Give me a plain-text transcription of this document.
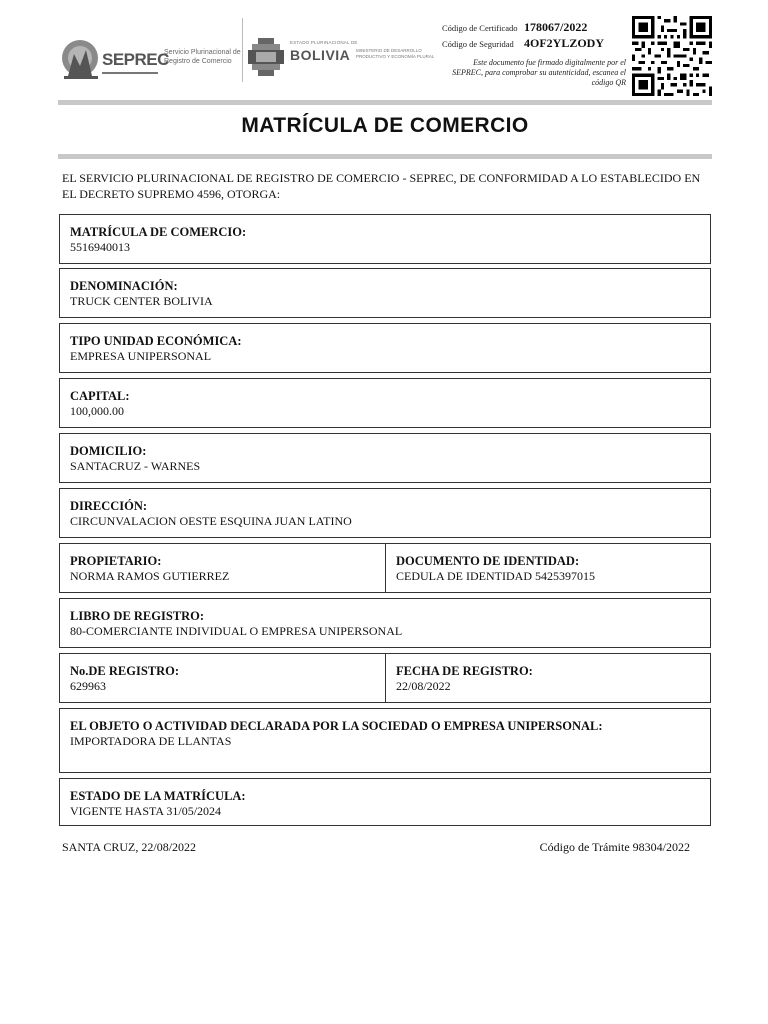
SEPREC
Servicio Plurinacional de Registro de Comercio
ESTADO PLURINACIONAL DE
BOLIVIA MINISTERIO DE DESARROLLO PRODUCTIVO Y ECONOMÍA PLURAL
Código de Certificado 178067/2022
Código de Seguridad 4OF2YLZODY
Este documento fue firmado digitalmente por el SEPREC, para comprobar su autenticidad, escanea el código QR
MATRÍCULA DE COMERCIO
EL SERVICIO PLURINACIONAL DE REGISTRO DE COMERCIO - SEPREC, DE CONFORMIDAD A LO ESTABLECIDO EN EL DECRETO SUPREMO 4596, OTORGA:
MATRÍCULA DE COMERCIO:
5516940013
DENOMINACIÓN:
TRUCK CENTER BOLIVIA
TIPO UNIDAD ECONÓMICA:
EMPRESA UNIPERSONAL
CAPITAL:
100,000.00
DOMICILIO:
SANTACRUZ - WARNES
DIRECCIÓN:
CIRCUNVALACION OESTE ESQUINA JUAN LATINO
PROPIETARIO:
NORMA RAMOS GUTIERREZ
DOCUMENTO DE IDENTIDAD:
CEDULA DE IDENTIDAD 5425397015
LIBRO DE REGISTRO:
80-COMERCIANTE INDIVIDUAL O EMPRESA UNIPERSONAL
No.DE REGISTRO:
629963
FECHA DE REGISTRO:
22/08/2022
EL OBJETO O ACTIVIDAD DECLARADA POR LA SOCIEDAD O EMPRESA UNIPERSONAL:
IMPORTADORA DE LLANTAS
ESTADO DE LA MATRÍCULA:
VIGENTE HASTA 31/05/2024
SANTA CRUZ, 22/08/2022	Código de Trámite 98304/2022
